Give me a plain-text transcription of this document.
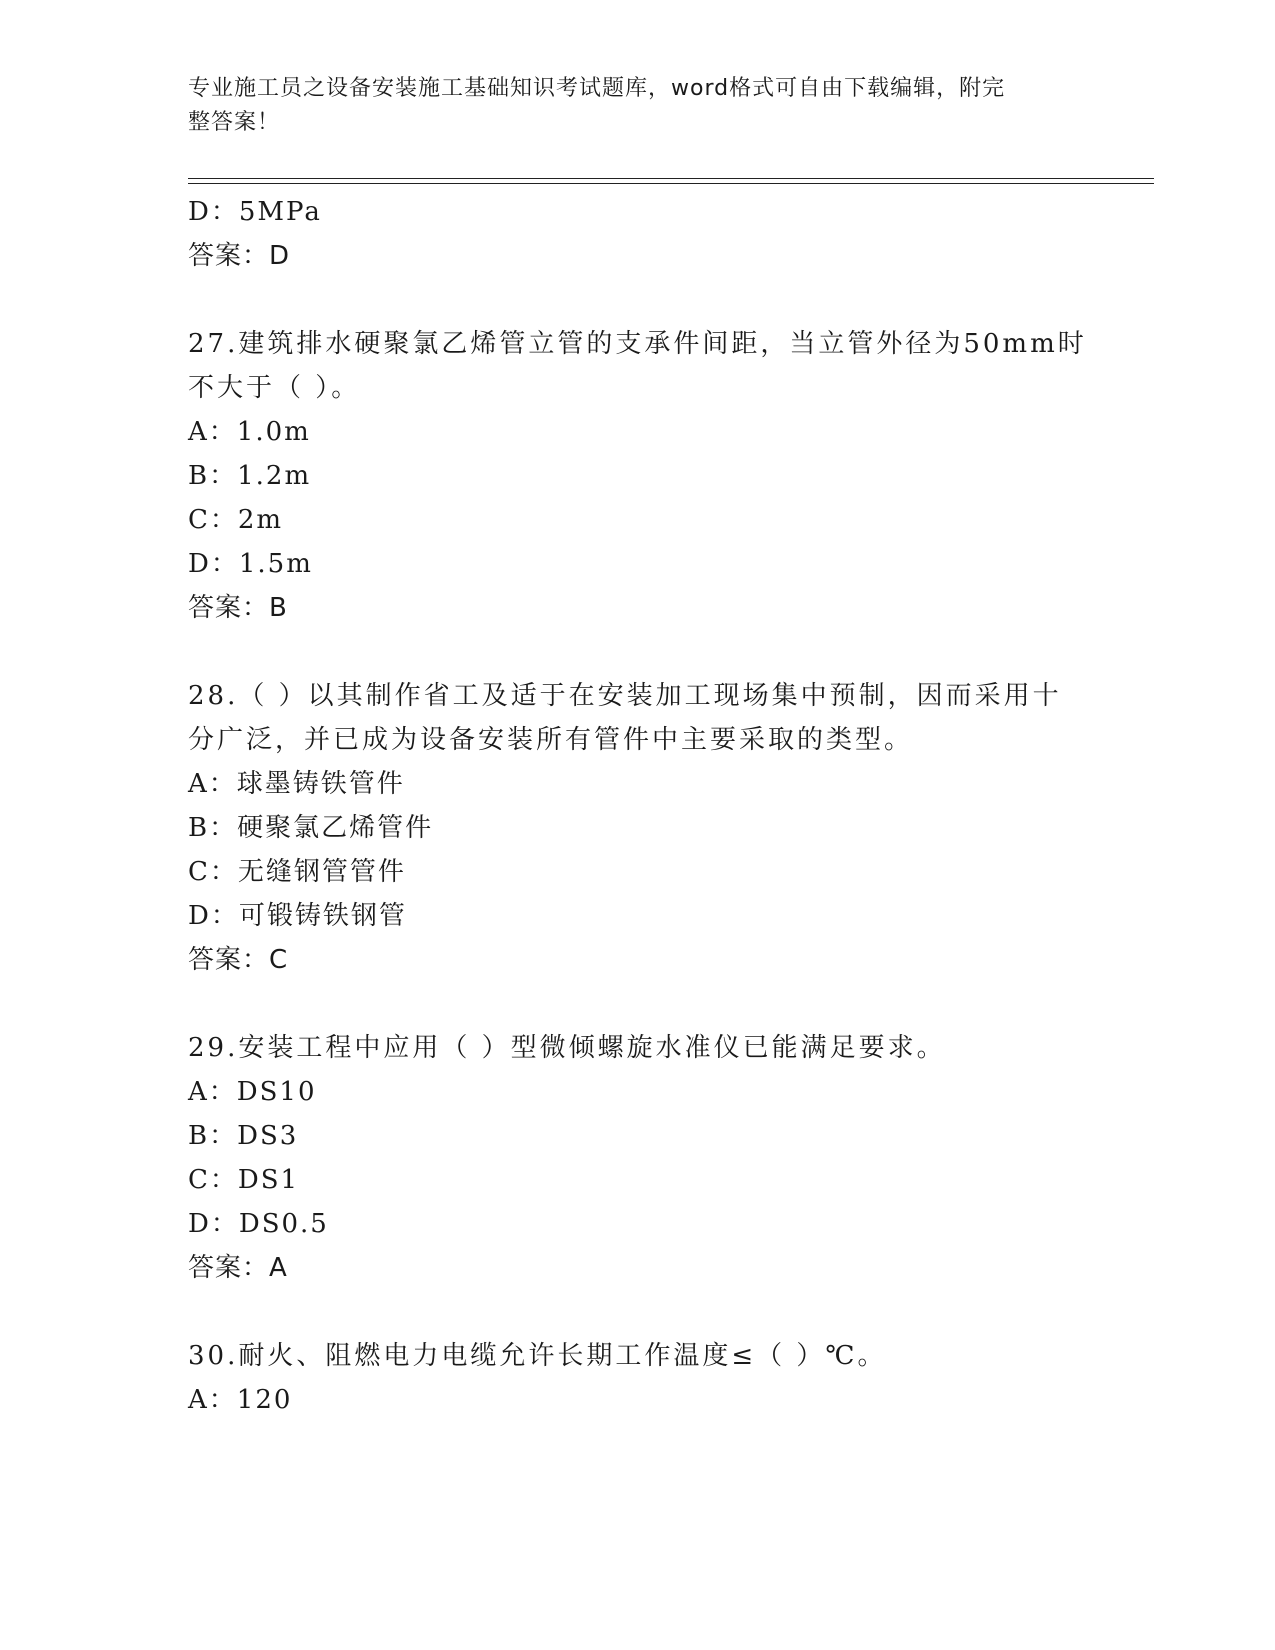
专业施工员之设备安装施工基础知识考试题库，word格式可自由下载编辑，附完
整答案！
D：5MPa
答案：D
27.建筑排水硬聚氯乙烯管立管的支承件间距，当立管外径为50mm时
不大于（ ）。
A：1.0m
B：1.2m
C：2m
D：1.5m
答案：B
28.（ ）以其制作省工及适于在安装加工现场集中预制，因而采用十
分广泛，并已成为设备安装所有管件中主要采取的类型。
A：球墨铸铁管件
B：硬聚氯乙烯管件
C：无缝钢管管件
D：可锻铸铁钢管
答案：C
29.安装工程中应用（ ）型微倾螺旋水准仪已能满足要求。
A：DS10
B：DS3
C：DS1
D：DS0.5
答案：A
30.耐火、阻燃电力电缆允许长期工作温度≤（ ）℃。
A：120
